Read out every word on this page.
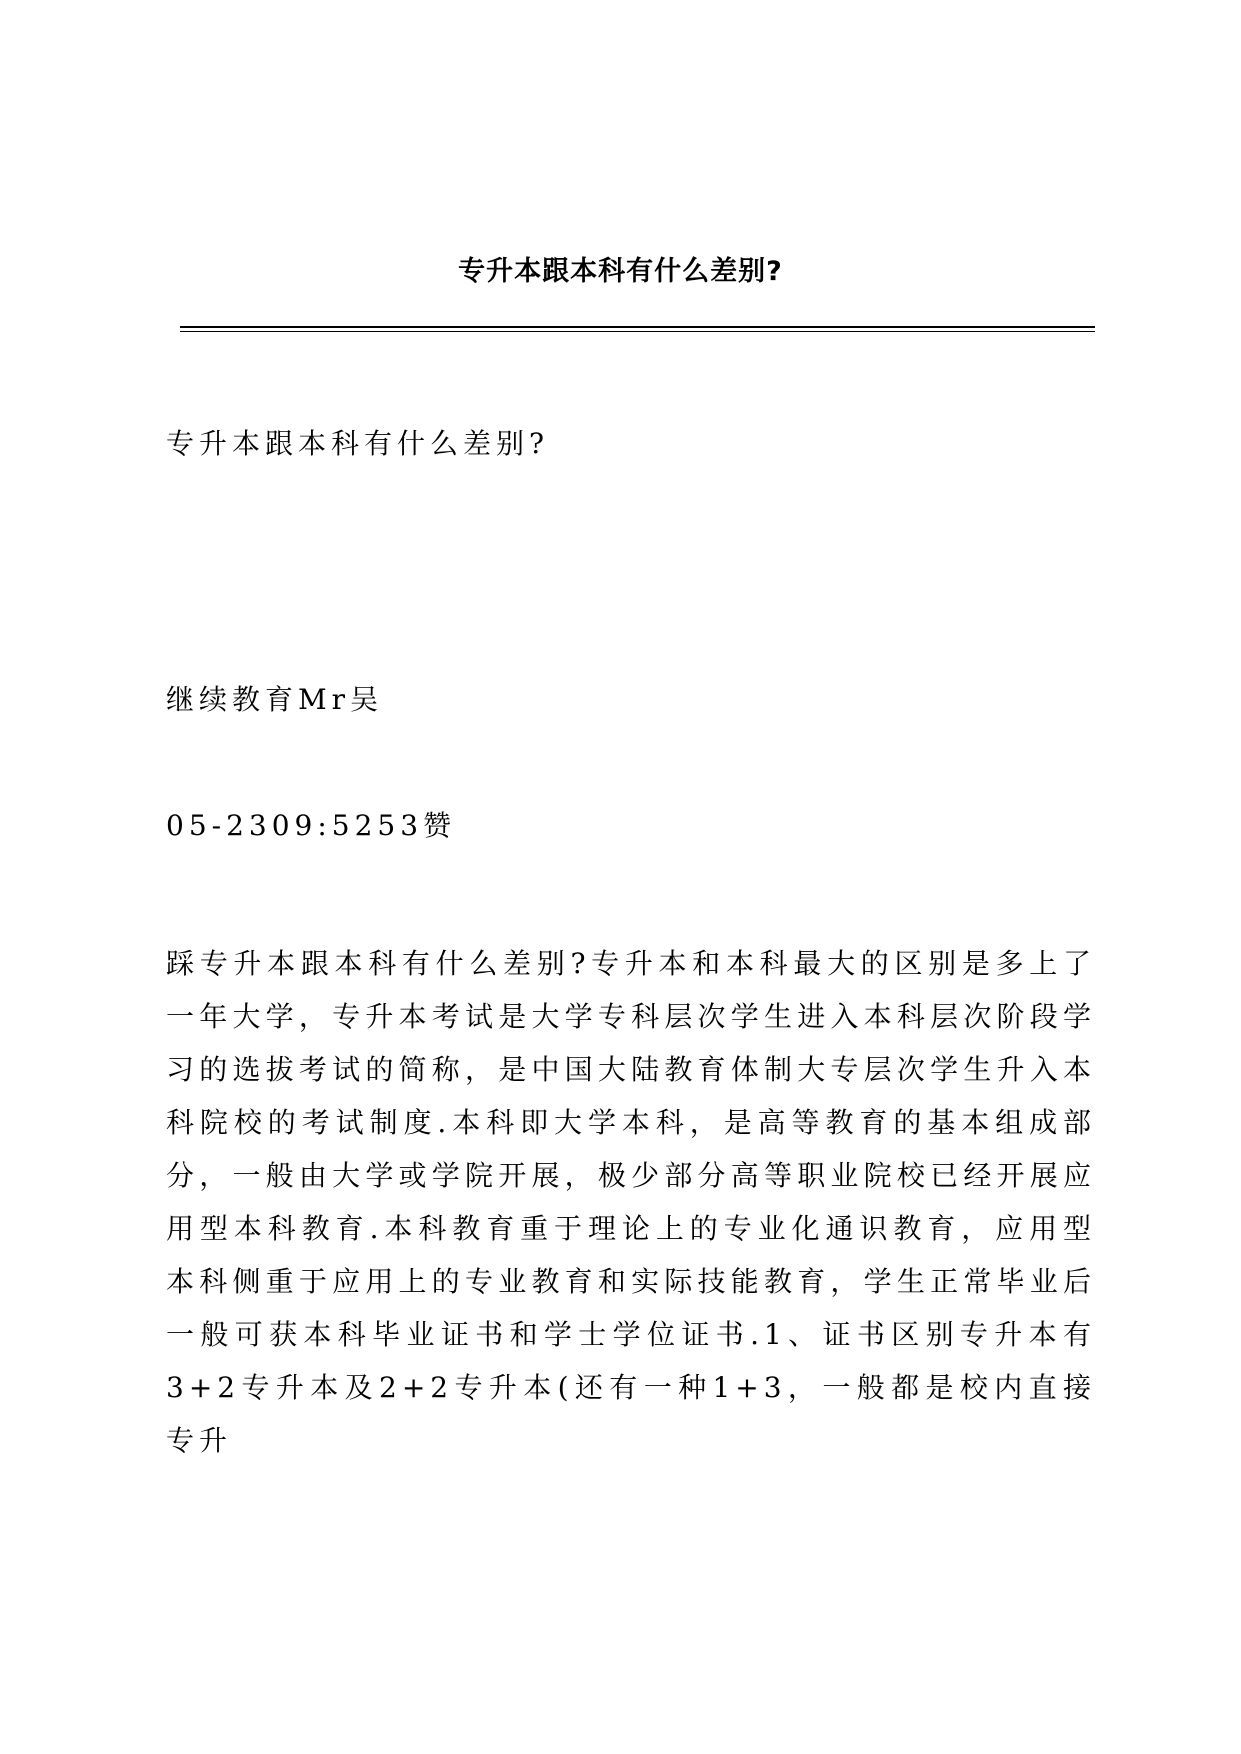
专升本跟本科有什么差别?
专升本跟本科有什么差别?
继续教育Mr吴
05-2309:5253赞
踩专升本跟本科有什么差别?专升本和本科最大的区别是多上了一年大学，专升本考试是大学专科层次学生进入本科层次阶段学习的选拔考试的简称，是中国大陆教育体制大专层次学生升入本科院校的考试制度.本科即大学本科，是高等教育的基本组成部分，一般由大学或学院开展，极少部分高等职业院校已经开展应用型本科教育.本科教育重于理论上的专业化通识教育，应用型本科侧重于应用上的专业教育和实际技能教育，学生正常毕业后一般可获本科毕业证书和学士学位证书.1、证书区别专升本有3+2专升本及2+2专升本(还有一种1+3，一般都是校内直接专升
